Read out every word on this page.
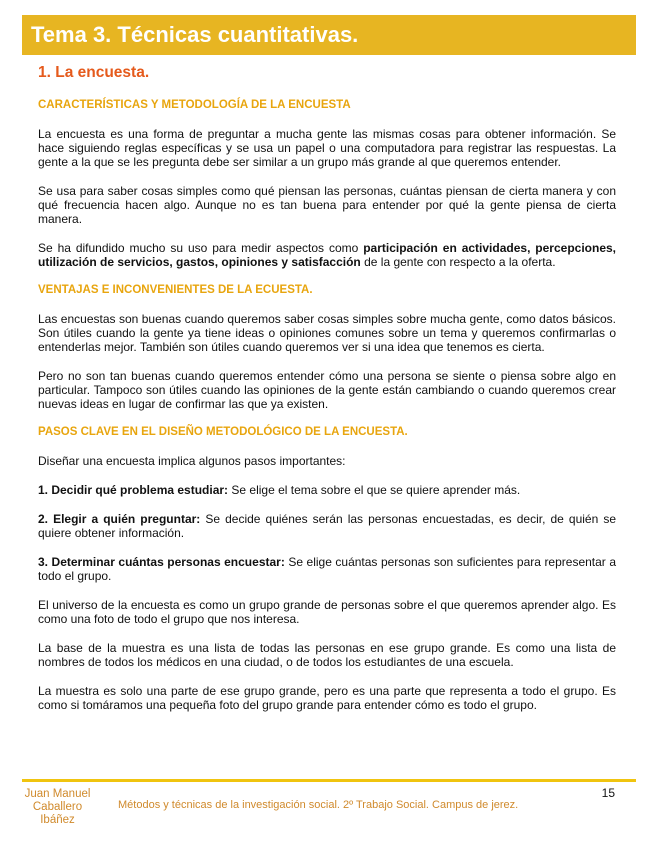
Tema 3. Técnicas cuantitativas.
1. La encuesta.
CARACTERÍSTICAS Y METODOLOGÍA DE LA ENCUESTA

La encuesta es una forma de preguntar a mucha gente las mismas cosas para obtener información. Se hace siguiendo reglas específicas y se usa un papel o una computadora para registrar las respuestas. La gente a la que se les pregunta debe ser similar a un grupo más grande al que queremos entender.

Se usa para saber cosas simples como qué piensan las personas, cuántas piensan de cierta manera y con qué frecuencia hacen algo. Aunque no es tan buena para entender por qué la gente piensa de cierta manera.

Se ha difundido mucho su uso para medir aspectos como participación en actividades, percepciones, utilización de servicios, gastos, opiniones y satisfacción de la gente con respecto a la oferta.

VENTAJAS E INCONVENIENTES DE LA ECUESTA.

Las encuestas son buenas cuando queremos saber cosas simples sobre mucha gente, como datos básicos. Son útiles cuando la gente ya tiene ideas o opiniones comunes sobre un tema y queremos confirmarlas o entenderlas mejor. También son útiles cuando queremos ver si una idea que tenemos es cierta.

Pero no son tan buenas cuando queremos entender cómo una persona se siente o piensa sobre algo en particular. Tampoco son útiles cuando las opiniones de la gente están cambiando o cuando queremos crear nuevas ideas en lugar de confirmar las que ya existen.

PASOS CLAVE EN EL DISEÑO METODOLÓGICO DE LA ENCUESTA.

Diseñar una encuesta implica algunos pasos importantes:

1. Decidir qué problema estudiar: Se elige el tema sobre el que se quiere aprender más.

2. Elegir a quién preguntar: Se decide quiénes serán las personas encuestadas, es decir, de quién se quiere obtener información.

3. Determinar cuántas personas encuestar: Se elige cuántas personas son suficientes para representar a todo el grupo.

El universo de la encuesta es como un grupo grande de personas sobre el que queremos aprender algo. Es como una foto de todo el grupo que nos interesa.

La base de la muestra es una lista de todas las personas en ese grupo grande. Es como una lista de nombres de todos los médicos en una ciudad, o de todos los estudiantes de una escuela.

La muestra es solo una parte de ese grupo grande, pero es una parte que representa a todo el grupo. Es como si tomáramos una pequeña foto del grupo grande para entender cómo es todo el grupo.

15
Juan Manuel
Caballero
Ibáñez
Métodos y técnicas de la investigación social. 2º Trabajo Social. Campus de jerez.
